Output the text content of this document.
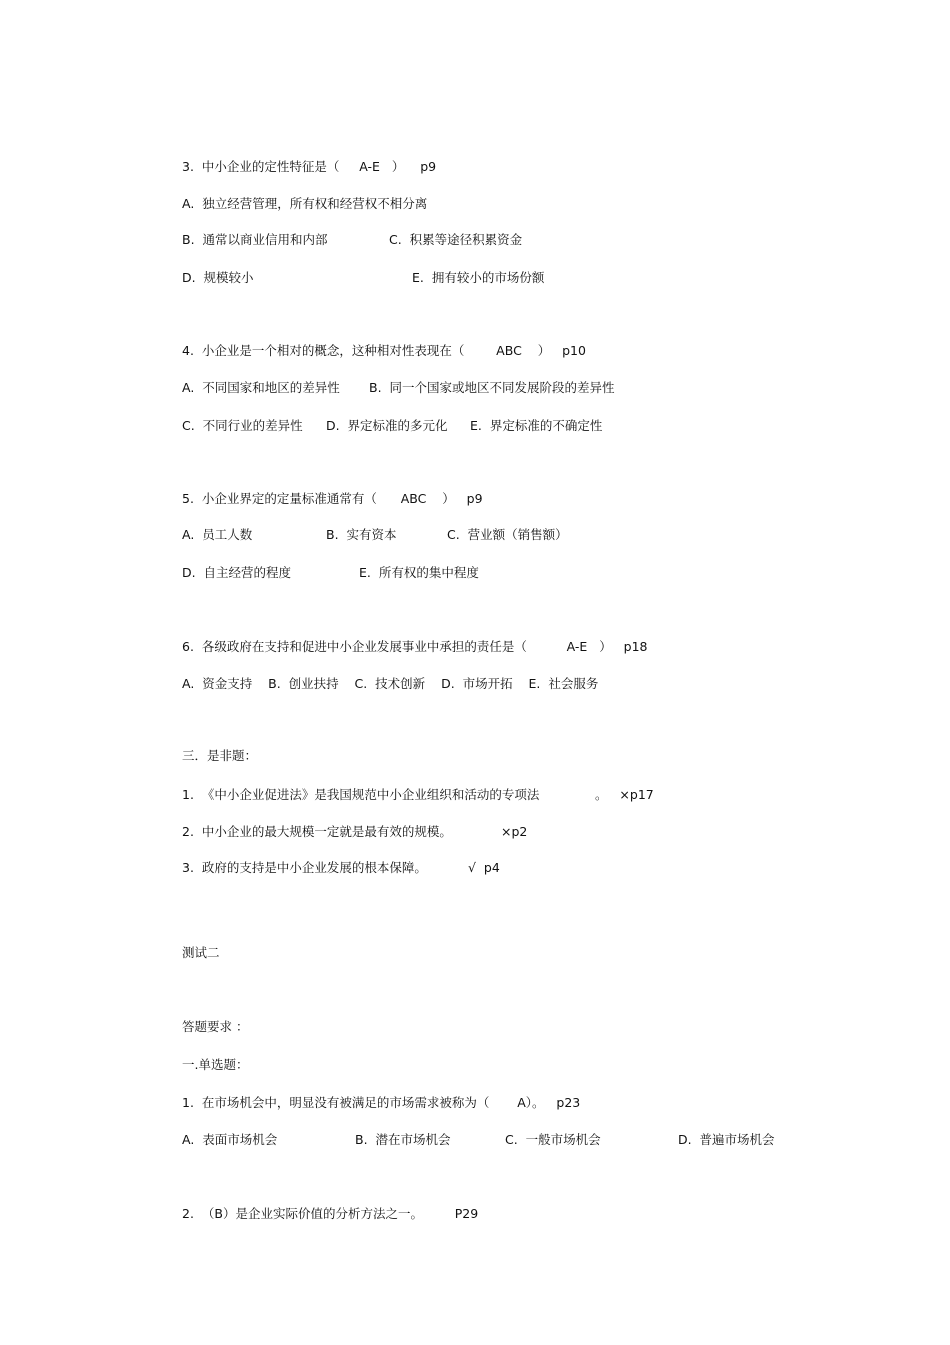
3.  中小企业的定性特征是（     A-E   ）    p9
A.  独立经营管理，所有权和经营权不相分离
B.  通常以商业信用和内部	C.  积累等途径积累资金
D.  规模较小	E.  拥有较小的市场份额
4.  小企业是一个相对的概念，这种相对性表现在（        ABC    ）   p10
A.  不同国家和地区的差异性 B.  同一个国家或地区不同发展阶段的差异性
C.  不同行业的差异性 D.  界定标准的多元化 E.  界定标准的不确定性
5.  小企业界定的定量标准通常有（      ABC    ）   p9
A.  员工人数	B.  实有资本	C.  营业额（销售额）
D.  自主经营的程度	E.  所有权的集中程度
6.  各级政府在支持和促进中小企业发展事业中承担的责任是（          A-E   ）   p18
A.  资金支持    B.  创业扶持    C.  技术创新    D.  市场开拓    E.  社会服务
三．是非题：
1.  《中小企业促进法》是我国规范中小企业组织和活动的专项法	。   ×p17
2.  中小企业的最大规模一定就是最有效的规模。	×p2
3.  政府的支持是中小企业发展的根本保障。	√  p4
测试二
答题要求 ：
一.单选题：
1.  在市场机会中，明显没有被满足的市场需求被称为（       A）。   p23
A.  表面市场机会	B.  潜在市场机会	C.  一般市场机会	D.  普遍市场机会
2.  （B）是企业实际价值的分析方法之一。        P29
